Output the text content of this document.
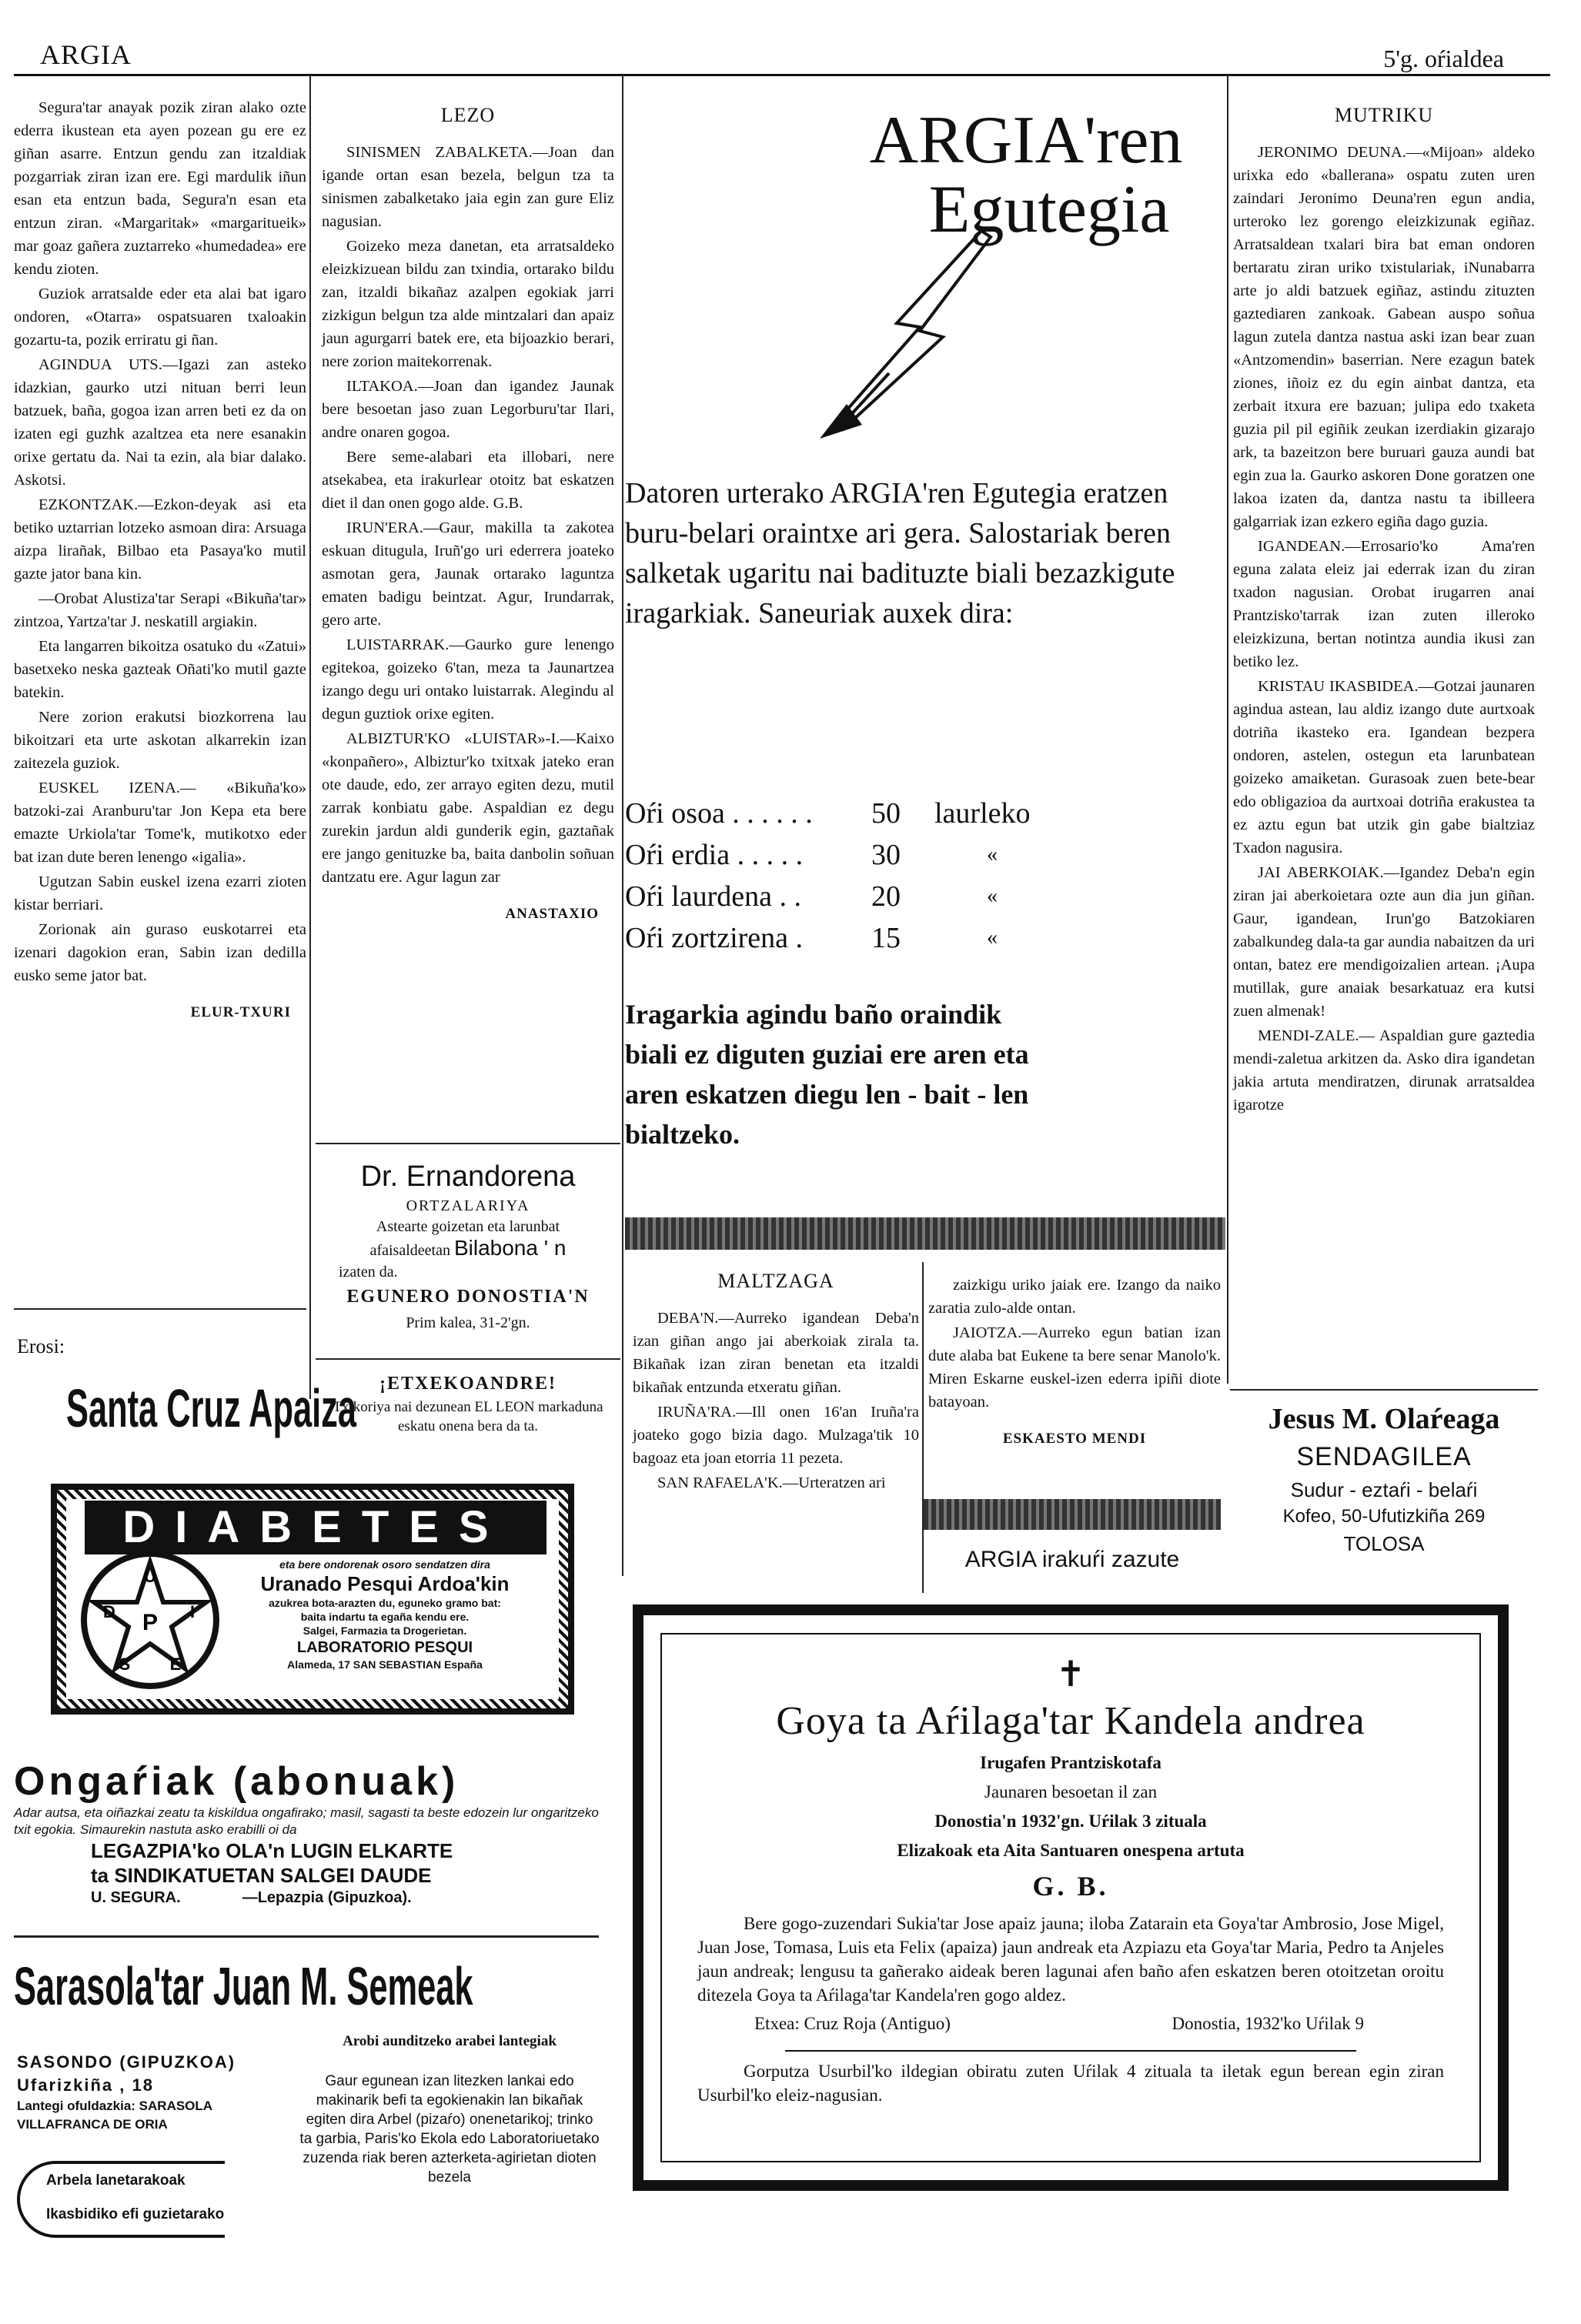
ARGIA	5'g. oŕialdea

Segura'tar anayak pozik ziran alako ozte ederra ikustean eta ayen pozean gu ere ez giñan asarre. Entzun gendu zan itzaldiak pozgarriak ziran izan ere. Egi mardulik iñun esan eta entzun bada, Segura'n esan eta entzun ziran. «Margaritak» «margaritueik» mar goaz gañera zuztarreko «humedadea» ere kendu zioten.

Guziok arratsalde eder eta alai bat igaro ondoren, «Otarra» ospatsuaren txaloakin gozartu-ta, pozik erriratu gi ñan.

AGINDUA UTS.—Igazi zan asteko idazkian, gaurko utzi nituan berri leun batzuek, baña, gogoa izan arren beti ez da on izaten egi guzhk azaltzea eta nere esanakin orixe gertatu da. Nai ta ezin, ala biar dalako. Askotsi.

EZKONTZAK.—Ezkon-deyak asi eta betiko uztarrian lotzeko asmoan dira: Arsuaga aizpa lirañak, Bilbao eta Pasaya'ko mutil gazte jator bana kin.

—Orobat Alustiza'tar Serapi «Bikuña'tar» zintzoa, Yartza'tar J. neskatill argiakin.

Eta langarren bikoitza osatuko du «Zatui» basetxeko neska gazteak Oñati'ko mutil gazte batekin.

Nere zorion erakutsi biozkorrena lau bikoitzari eta urte askotan alkarrekin izan zaitezela guziok.

EUSKEL IZENA.— «Bikuña'ko» batzoki-zai Aranburu'tar Jon Kepa eta bere emazte Urkiola'tar Tome'k, mutikotxo eder bat izan dute beren lenengo «igalia».

Ugutzan Sabin euskel izena ezarri zioten kistar berriari.

Zorionak ain guraso euskotarrei eta izenari dagokion eran, Sabin izan dedilla eusko seme jator bat.

ELUR-TXURI
Erosi:
Santa Cruz Apaiza
LEZO

SINISMEN ZABALKETA.—Joan dan igande ortan esan bezela, belgun tza ta sinismen zabalketako jaia egin zan gure Eliz nagusian.

Goizeko meza danetan, eta arratsaldeko eleizkizuean bildu zan txindia, ortarako bildu zan, itzaldi bikañaz azalpen egokiak jarri zizkigun belgun tza alde mintzalari dan apaiz jaun agurgarri batek ere, eta bijoazkio berari, nere zorion maitekorrenak.

ILTAKOA.—Joan dan igandez Jaunak bere besoetan jaso zuan Legorburu'tar Ilari, andre onaren gogoa.

Bere seme-alabari eta illobari, nere atsekabea, eta irakurlear otoitz bat eskatzen diet il dan onen gogo alde. G.B.

IRUN'ERA.—Gaur, makilla ta zakotea eskuan ditugula, Iruñ'go uri ederrera joateko asmotan gera, Jaunak ortarako laguntza ematen badigu beintzat. Agur, Irundarrak, gero arte.

LUISTARRAK.—Gaurko gure lenengo egitekoa, goizeko 6'tan, meza ta Jaunartzea izango degu uri ontako luistarrak. Alegindu al degun guztiok orixe egiten.

ALBIZTUR'KO «LUISTAR»-I.—Kaixo «konpañero», Albiztur'ko txitxak jateko eran ote daude, edo, zer arrayo egiten dezu, mutil zarrak konbiatu gabe. Aspaldian ez degu zurekin jardun aldi gunderik egin, gaztañak ere jango genituzke ba, baita danbolin soñuan dantzatu ere. Agur lagun zar

ANASTAXIO
Dr. Ernandorena
ORTZALARIYA
Astearte goizetan eta larunbat
afaisaldeetan Bilabona ' n
izaten da.
EGUNERO DONOSTIA'N
Prim kalea, 31-2'gn.
¡ETXEKOANDRE!
Txikoriya nai dezunean EL LEON markaduna eskatu onena bera da ta.
ARGIA'ren
Egutegia
Datoren urterako ARGIA'ren Egutegia eratzen buru-belari oraintxe ari gera. Salostariak beren salketak ugaritu nai badituzte biali bezazkigute iragarkiak. Saneuriak auxek dira:
Oŕi osoa . . . . . .	50	laurleko
Oŕi erdia . . . . .	30	«
Oŕi laurdena . .	20	«
Oŕi zortzirena .	15	«
Iragarkia agindu baño oraindik biali ez diguten guziai ere aren eta aren eskatzen diegu len - bait - len bialtzeko.
MALTZAGA

DEBA'N.—Aurreko igandean Deba'n izan giñan ango jai aberkoiak zirala ta. Bikañak izan ziran benetan eta itzaldi bikañak entzunda etxeratu giñan.

IRUÑA'RA.—Ill onen 16'an Iruña'ra joateko gogo bizia dago. Mulzaga'tik 10 bagoaz eta joan etorria 11 pezeta.

SAN RAFAELA'K.—Urteratzen ari

zaizkigu uriko jaiak ere. Izango da naiko zaratia zulo-alde ontan.

JAIOTZA.—Aurreko egun batian izan dute alaba bat Eukene ta bere senar Manolo'k. Miren Eskarne euskel-izen ederra ipiñi diote batayoan.

ESKAESTO MENDI
ARGIA irakuŕi zazute
MUTRIKU

JERONIMO DEUNA.—«Mijoan» aldeko urixka edo «ballerana» ospatu zuten uren zaindari Jeronimo Deuna'ren egun andia, urteroko lez gorengo eleizkizunak egiñaz. Arratsaldean txalari bira bat eman ondoren bertaratu ziran uriko txistulariak, iNunabarra arte jo aldi batzuek egiñaz, astindu zituzten gaztediaren zankoak. Gabean auspo soñua lagun zutela dantza nastua aski izan bear zuan «Antzomendin» baserrian. Nere ezagun batek ziones, iñoiz ez du egin ainbat dantza, eta zerbait itxura ere bazuan; julipa edo txaketa guzia pil pil egiñik zeukan izerdiakin gizarajo ark, ta bazeitzon bere buruari gauza aundi bat egin zua la. Gaurko askoren Done goratzen one lakoa izaten da, dantza nastu ta ibilleera galgarriak izan ezkero egiña dago guzia.

IGANDEAN.—Errosario'ko Ama'ren eguna zalata eleiz jai ederrak izan du ziran txadon nagusian. Orobat irugarren anai Prantzisko'tarrak izan zuten illeroko eleizkizuna, bertan notintza aundia ikusi zan betiko lez.

KRISTAU IKASBIDEA.—Gotzai jaunaren agindua astean, lau aldiz izango dute aurtxoak dotriña ikasteko era. Igandean bezpera ondoren, astelen, ostegun eta larunbatean goizeko amaiketan. Gurasoak zuen bete-bear edo obligazioa da aurtxoai dotriña erakustea ta ez aztu egun bat utzik gin gabe bialtziaz Txadon nagusira.

JAI ABERKOIAK.—Igandez Deba'n egin ziran jai aberkoietara ozte aun dia jun giñan. Gaur, igandean, Irun'go Batzokiaren zabalkundeg dala-ta gar aundia nabaitzen da uri ontan, batez ere mendigoizalien artean. ¡Aupa mutillak, gure anaiak besarkatuaz era kutsi zuen almenak!

MENDI-ZALE.— Aspaldian gure gaztedia mendi-zaletua arkitzen da. Asko dira igandetan jakia artuta mendiratzen, dirunak arratsaldea igarotze

Jesus M. Olaŕeaga
SENDAGILEA
Sudur - eztaŕi - belaŕi
Kofeo, 50-Ufutizkiña 269
TOLOSA
DIABETES
U
I
D
S E
P
eta bere ondorenak osoro sendatzen dira
Uranado Pesqui Ardoa'kin
azukrea bota-arazten du, eguneko gramo bat:
baita indartu ta egaña kendu ere.
Salgei, Farmazia ta Drogerietan.
LABORATORIO PESQUI
Alameda, 17 SAN SEBASTIAN España
Ongaŕiak (abonuak)
Adar autsa, eta oiñazkai zeatu ta kiskildua ongafirako; masil, sagasti ta beste edozein lur ongaritzeko txit egokia. Simaurekin nastuta asko erabilli oi da
LEGAZPIA'ko OLA'n LUGIN ELKARTE
ta SINDIKATUETAN SALGEI DAUDE
U. SEGURA.	—Lepazpia (Gipuzkoa).
Sarasola'tar Juan M. Semeak
SASONDO (GIPUZKOA)
Ufarizkiña , 18
Lantegi ofuldazkia: SARASOLA
VILLAFRANCA DE ORIA
Arbela lanetarakoak
Ikasbidiko efi guzietarako
Arobi aunditzeko arabei lantegiak
Gaur egunean izan litezken lankai edo makinarik befi ta egokienakin lan bikañak egiten dira Arbel (pizaŕo) onenetarikoj; trinko ta garbia, Paris'ko Ekola edo Laboratoriuetako zuzenda riak beren azterketa-agirietan dioten bezela
✝
Goya ta Aŕilaga'tar Kandela andrea
Irugafen Prantziskotafa
Jaunaren besoetan il zan
Donostia'n 1932'gn. Uŕilak 3 zituala
Elizakoak eta Aita Santuaren onespena artuta
G. B.
Bere gogo-zuzendari Sukia'tar Jose apaiz jauna; iloba Zatarain eta Goya'tar Ambrosio, Jose Migel, Juan Jose, Tomasa, Luis eta Felix (apaiza) jaun andreak eta Azpiazu eta Goya'tar Maria, Pedro ta Anjeles jaun andreak; lengusu ta gañerako aideak beren lagunai afen baño afen eskatzen beren otoitzetan oroitu ditezela Goya ta Aŕilaga'tar Kandela'ren gogo aldez.
Etxea: Cruz Roja (Antiguo)	Donostia, 1932'ko Uŕilak 9
Gorputza Usurbil'ko ildegian obiratu zuten Uŕilak 4 zituala ta iletak egun berean egin ziran Usurbil'ko eleiz-nagusian.
